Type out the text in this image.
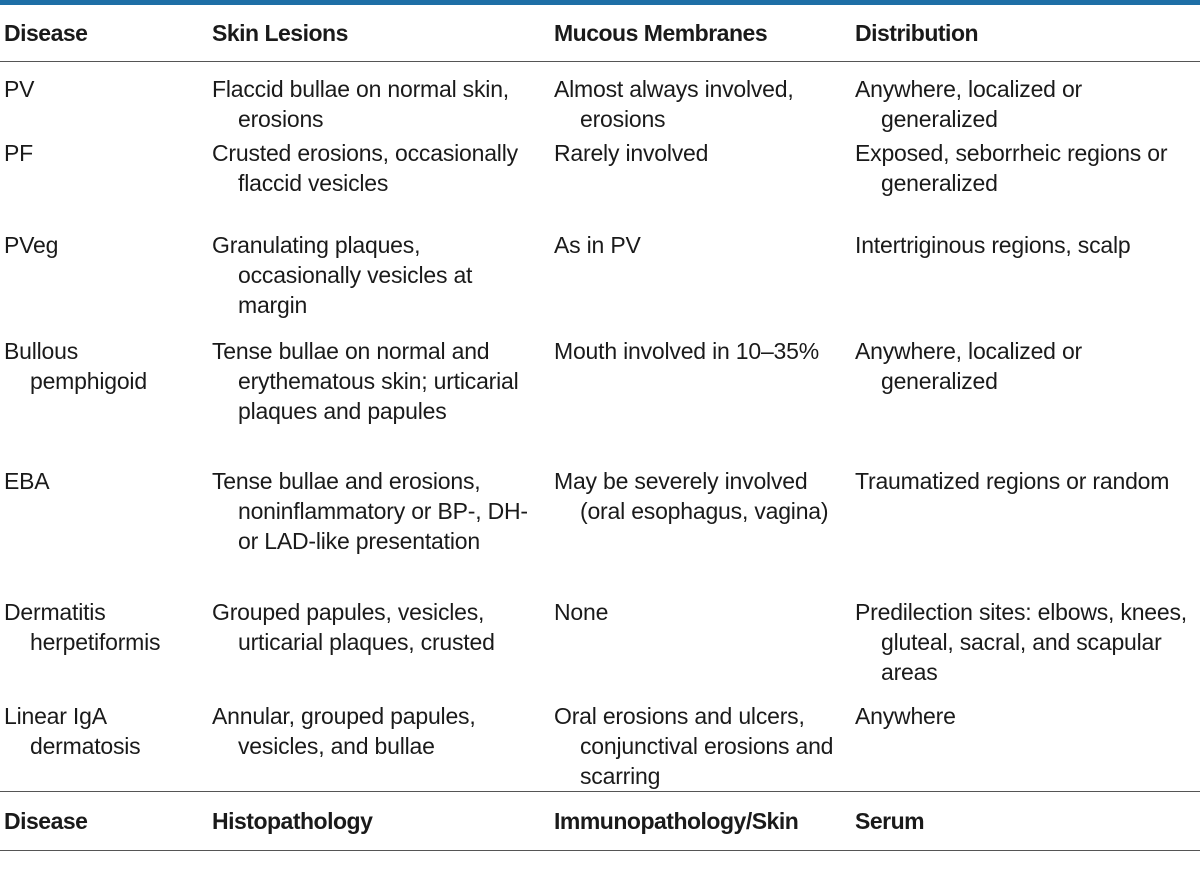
Disease	Skin Lesions	Mucous Membranes	Distribution

PV	Flaccid bullae on normal skin, erosions	Almost always involved, erosions	Anywhere, localized or generalized

PF	Crusted erosions, occasionally flaccid vesicles	Rarely involved	Exposed, seborrheic regions or generalized

PVeg	Granulating plaques, occasionally vesicles at margin	As in PV	Intertriginous regions, scalp

Bullous pemphigoid	Tense bullae on normal and erythematous skin; urticarial plaques and papules	Mouth involved in 10–35%	Anywhere, localized or generalized

EBA	Tense bullae and erosions, noninflammatory or BP-, DH- or LAD-like presentation	May be severely involved (oral esophagus, vagina)	Traumatized regions or random

Dermatitis herpetiformis	Grouped papules, vesicles, urticarial plaques, crusted	None	Predilection sites: elbows, knees, gluteal, sacral, and scapular areas

Linear IgA dermatosis	Annular, grouped papules, vesicles, and bullae	Oral erosions and ulcers, conjunctival erosions and scarring	Anywhere

Disease	Histopathology	Immunopathology/Skin	Serum
